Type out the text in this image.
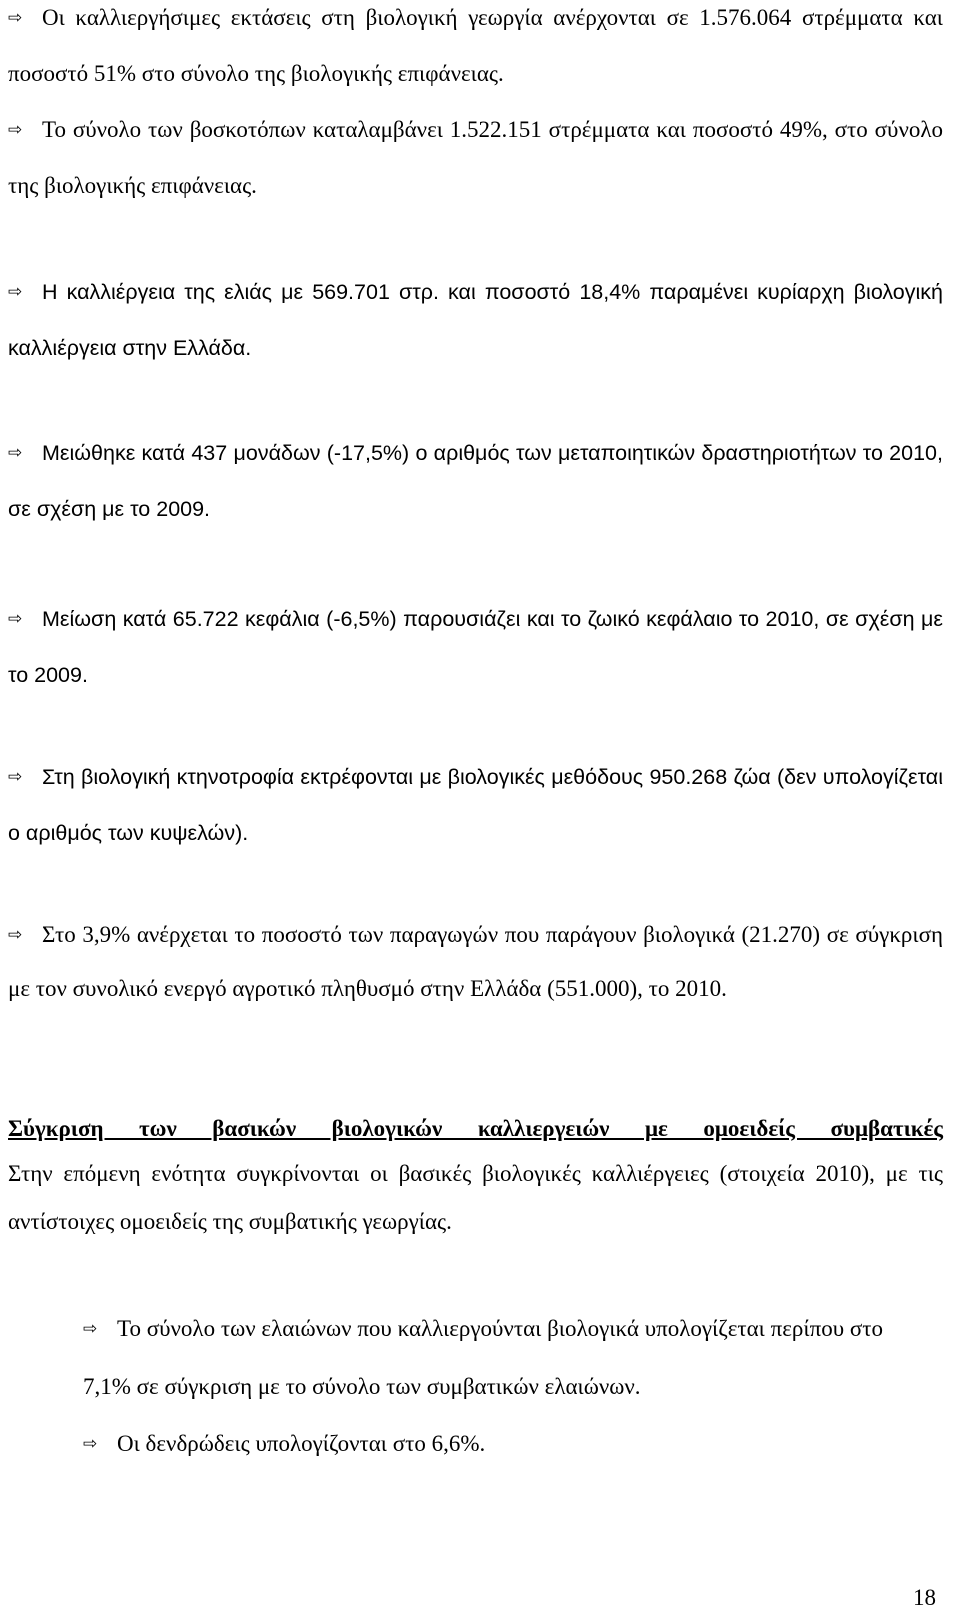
⇨ Οι καλλιεργήσιμες εκτάσεις στη βιολογική γεωργία ανέρχονται σε 1.576.064 στρέμματα και ποσοστό 51% στο σύνολο της βιολογικής επιφάνειας.
⇨ Το σύνολο των βοσκοτόπων καταλαμβάνει 1.522.151 στρέμματα και ποσοστό 49%, στο σύνολο της βιολογικής επιφάνειας.
⇨ Η καλλιέργεια της ελιάς με 569.701 στρ. και ποσοστό 18,4% παραμένει κυρίαρχη βιολογική καλλιέργεια στην Ελλάδα.
⇨ Μειώθηκε κατά 437 μονάδων (-17,5%) ο αριθμός των μεταποιητικών δραστηριοτήτων το 2010, σε σχέση με το 2009.
⇨ Μείωση κατά 65.722 κεφάλια (-6,5%) παρουσιάζει και το ζωικό κεφάλαιο το 2010, σε σχέση με το 2009.
⇨ Στη βιολογική κτηνοτροφία εκτρέφονται με βιολογικές μεθόδους 950.268 ζώα (δεν υπολογίζεται ο αριθμός των κυψελών).
⇨ Στο 3,9% ανέρχεται το ποσοστό των παραγωγών που παράγουν βιολογικά (21.270) σε σύγκριση με τον συνολικό ενεργό αγροτικό πληθυσμό στην Ελλάδα (551.000), το 2010.
Σύγκριση των βασικών βιολογικών καλλιεργειών με ομοειδείς συμβατικές
Στην επόμενη ενότητα συγκρίνονται οι βασικές βιολογικές καλλιέργειες (στοιχεία 2010), με τις αντίστοιχες ομοειδείς της συμβατικής γεωργίας.
⇨ Το σύνολο των ελαιώνων που καλλιεργούνται βιολογικά υπολογίζεται περίπου στο 7,1% σε σύγκριση με το σύνολο των συμβατικών ελαιώνων.
⇨ Οι δενδρώδεις υπολογίζονται στο 6,6%.
18
